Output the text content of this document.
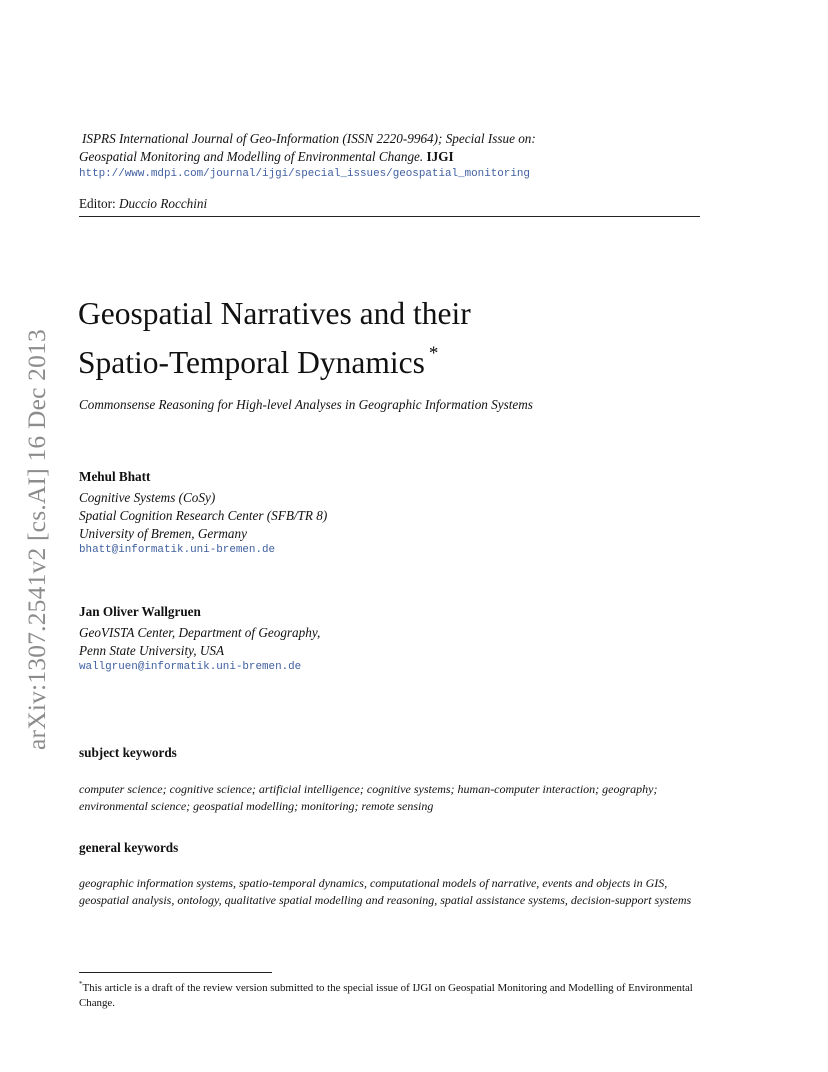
arXiv:1307.2541v2 [cs.AI] 16 Dec 2013
ISPRS International Journal of Geo-Information (ISSN 2220-9964); Special Issue on:
Geospatial Monitoring and Modelling of Environmental Change. IJGI
http://www.mdpi.com/journal/ijgi/special_issues/geospatial_monitoring
Editor: Duccio Rocchini
Geospatial Narratives and their
Spatio-Temporal Dynamics *
Commonsense Reasoning for High-level Analyses in Geographic Information Systems
Mehul Bhatt
Cognitive Systems (CoSy)
Spatial Cognition Research Center (SFB/TR 8)
University of Bremen, Germany
bhatt@informatik.uni-bremen.de
Jan Oliver Wallgruen
GeoVISTA Center, Department of Geography,
Penn State University, USA
wallgruen@informatik.uni-bremen.de
subject keywords
computer science; cognitive science; artificial intelligence; cognitive systems; human-computer interaction; geography; environmental science; geospatial modelling; monitoring; remote sensing
general keywords
geographic information systems, spatio-temporal dynamics, computational models of narrative, events and objects in GIS, geospatial analysis, ontology, qualitative spatial modelling and reasoning, spatial assistance systems, decision-support systems
*This article is a draft of the review version submitted to the special issue of IJGI on Geospatial Monitoring and Modelling of Environmental Change.
